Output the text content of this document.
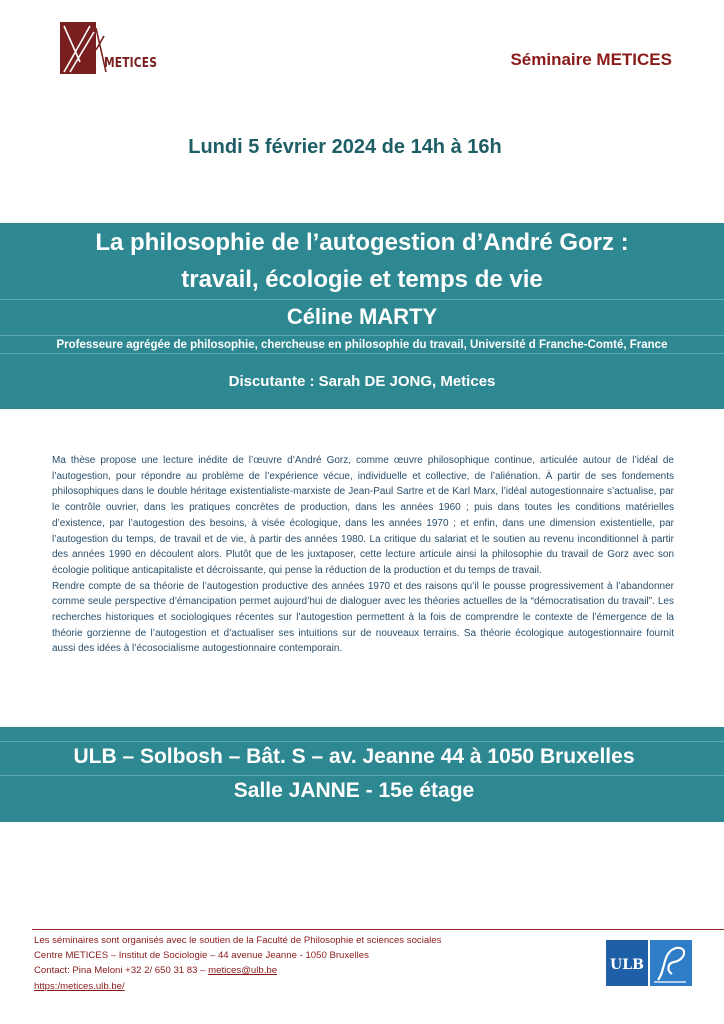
METICES	Séminaire METICES
Lundi 5 février 2024 de 14h à 16h
La philosophie de l’autogestion d’André Gorz :
travail, écologie et temps de vie
Céline MARTY
Professeure agrégée de philosophie, chercheuse en philosophie du travail, Université d Franche-Comté, France
Discutante : Sarah DE JONG, Metices

Ma thèse propose une lecture inédite de l’œuvre d’André Gorz, comme œuvre philosophique continue, articulée autour de l’idéal de l’autogestion, pour répondre au problème de l’expérience vécue, individuelle et collective, de l’aliénation. À partir de ses fondements philosophiques dans le double héritage existentialiste-marxiste de Jean-Paul Sartre et de Karl Marx, l’idéal autogestionnaire s’actualise, par le contrôle ouvrier, dans les pratiques concrètes de production, dans les années 1960 ; puis dans toutes les conditions matérielles d’existence, par l’autogestion des besoins, à visée écologique, dans les années 1970 ; et enfin, dans une dimension existentielle, par l’autogestion du temps, de travail et de vie, à partir des années 1980. La critique du salariat et le soutien au revenu inconditionnel à partir des années 1990 en découlent alors. Plutôt que de les juxtaposer, cette lecture articule ainsi la philosophie du travail de Gorz avec son écologie politique anticapitaliste et décroissante, qui pense la réduction de la production et du temps de travail.

Rendre compte de sa théorie de l’autogestion productive des années 1970 et des raisons qu’il le pousse progressivement à l’abandonner comme seule perspective d’émancipation permet aujourd’hui de dialoguer avec les théories actuelles de la “démocratisation du travail”. Les recherches historiques et sociologiques récentes sur l’autogestion permettent à la fois de comprendre le contexte de l’émergence de la théorie gorzienne de l’autogestion et d’actualiser ses intuitions sur de nouveaux terrains. Sa théorie écologique autogestionnaire fournit aussi des idées à l’écosocialisme autogestionnaire contemporain.

ULB – Solbosh – Bât. S – av. Jeanne 44 à 1050 Bruxelles
Salle JANNE - 15e étage
Les séminaires sont organisés avec le soutien de la Faculté de Philosophie et sciences sociales
Centre METICES – Institut de Sociologie – 44 avenue Jeanne - 1050 Bruxelles
Contact: Pina Meloni +32 2/ 650 31 83 – metices@ulb.be
https:/metices.ulb.be/
ULB
